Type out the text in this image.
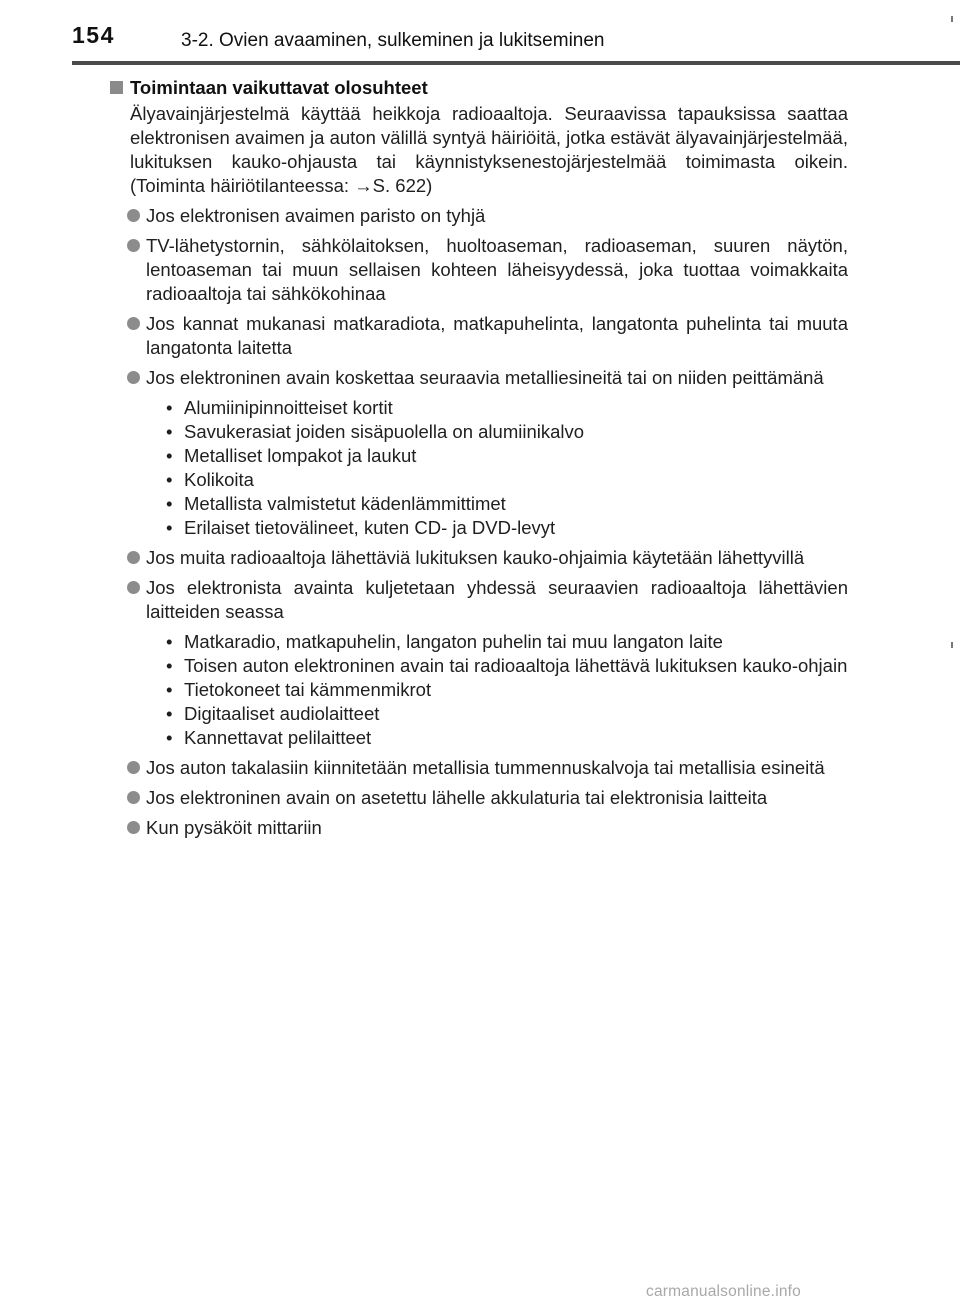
154	3-2. Ovien avaaminen, sulkeminen ja lukitseminen
Toimintaan vaikuttavat olosuhteet

Älyavainjärjestelmä käyttää heikkoja radioaaltoja. Seuraavissa tapauksissa saattaa elektronisen avaimen ja auton välillä syntyä häiriöitä, jotka estävät älyavainjärjestelmää, lukituksen kauko-ohjausta tai käynnistyksenestojärjestelmää toimimasta oikein. (Toiminta häiriötilanteessa: →S. 622)

Jos elektronisen avaimen paristo on tyhjä
TV-lähetystornin, sähkölaitoksen, huoltoaseman, radioaseman, suuren näytön, lentoaseman tai muun sellaisen kohteen läheisyydessä, joka tuottaa voimakkaita radioaaltoja tai sähkökohinaa
Jos kannat mukanasi matkaradiota, matkapuhelinta, langatonta puhelinta tai muuta langatonta laitetta
Jos elektroninen avain koskettaa seuraavia metalliesineitä tai on niiden peittämänä
• Alumiinipinnoitteiset kortit
• Savukerasiat joiden sisäpuolella on alumiinikalvo
• Metalliset lompakot ja laukut
• Kolikoita
• Metallista valmistetut kädenlämmittimet
• Erilaiset tietovälineet, kuten CD- ja DVD-levyt
Jos muita radioaaltoja lähettäviä lukituksen kauko-ohjaimia käytetään lähettyvillä
Jos elektronista avainta kuljetetaan yhdessä seuraavien radioaaltoja lähettävien laitteiden seassa
• Matkaradio, matkapuhelin, langaton puhelin tai muu langaton laite
• Toisen auton elektroninen avain tai radioaaltoja lähettävä lukituksen kauko-ohjain
• Tietokoneet tai kämmenmikrot
• Digitaaliset audiolaitteet
• Kannettavat pelilaitteet
Jos auton takalasiin kiinnitetään metallisia tummennuskalvoja tai metallisia esineitä
Jos elektroninen avain on asetettu lähelle akkulaturia tai elektronisia laitteita
Kun pysäköit mittariin
carmanualsonline.info
